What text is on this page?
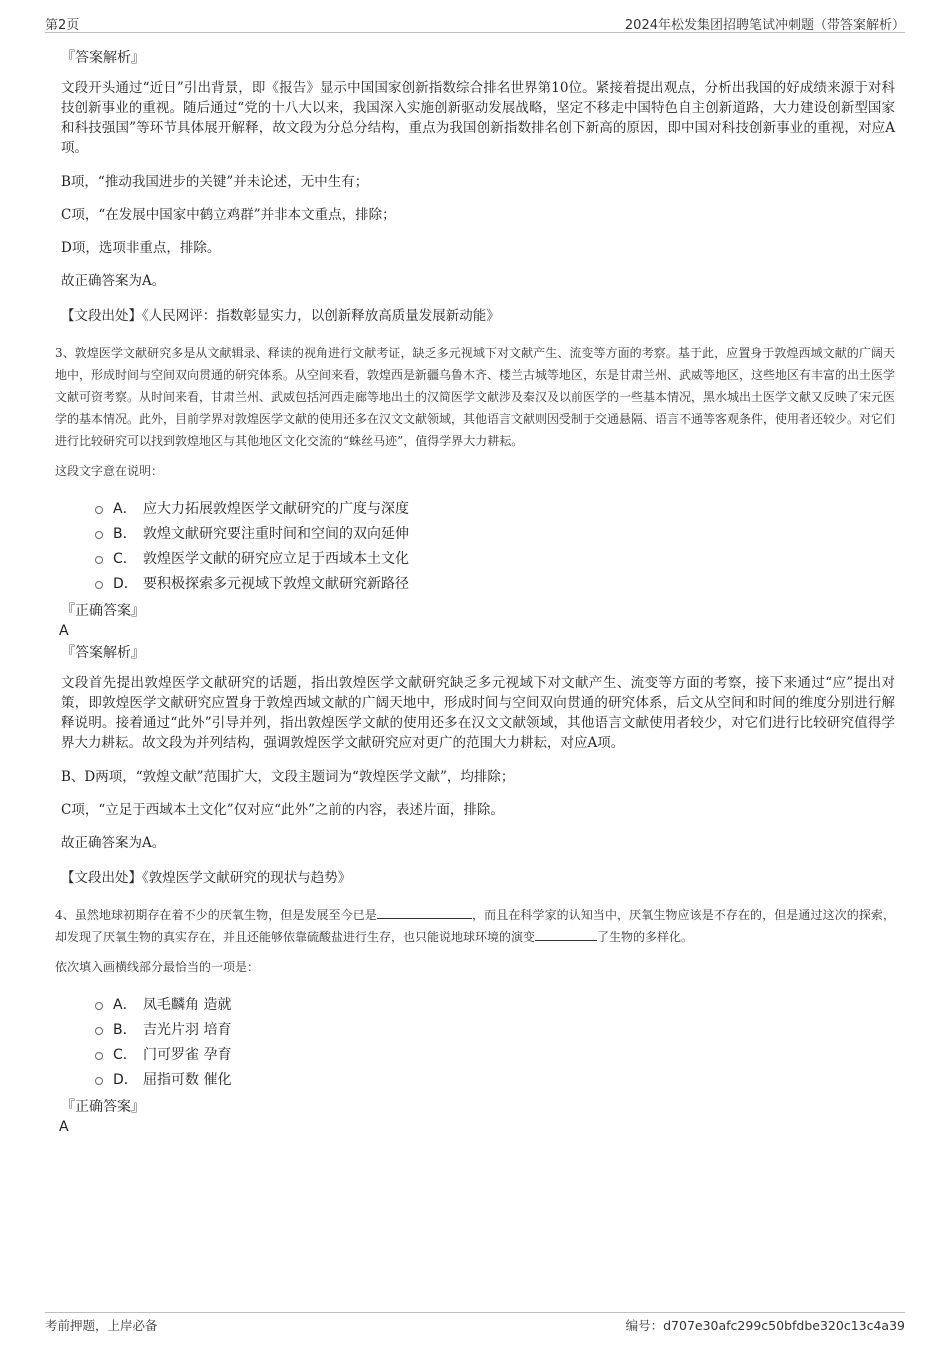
第2页	2024年松发集团招聘笔试冲刺题（带答案解析）
『答案解析』
文段开头通过“近日”引出背景，即《报告》显示中国国家创新指数综合排名世界第10位。紧接着提出观点，分析出我国的好成绩来源于对科技创新事业的重视。随后通过“党的十八大以来，我国深入实施创新驱动发展战略，坚定不移走中国特色自主创新道路，大力建设创新型国家和科技强国”等环节具体展开解释，故文段为分总分结构，重点为我国创新指数排名创下新高的原因，即中国对科技创新事业的重视，对应A项。
B项，“推动我国进步的关键”并未论述，无中生有；
C项，“在发展中国家中鹤立鸡群”并非本文重点，排除；
D项，选项非重点，排除。
故正确答案为A。
【文段出处】《人民网评：指数彰显实力，以创新释放高质量发展新动能》
3、敦煌医学文献研究多是从文献辑录、释读的视角进行文献考证，缺乏多元视域下对文献产生、流变等方面的考察。基于此，应置身于敦煌西域文献的广阔天地中，形成时间与空间双向贯通的研究体系。从空间来看，敦煌西是新疆乌鲁木齐、楼兰古城等地区，东是甘肃兰州、武威等地区，这些地区有丰富的出土医学文献可资考察。从时间来看，甘肃兰州、武威包括河西走廊等地出土的汉简医学文献涉及秦汉及以前医学的一些基本情况，黑水城出土医学文献又反映了宋元医学的基本情况。此外，目前学界对敦煌医学文献的使用还多在汉文文献领域，其他语言文献则因受制于交通悬隔、语言不通等客观条件，使用者还较少。对它们进行比较研究可以找到敦煌地区与其他地区文化交流的“蛛丝马迹”，值得学界大力耕耘。
这段文字意在说明：
A． 应大力拓展敦煌医学文献研究的广度与深度
B． 敦煌文献研究要注重时间和空间的双向延伸
C． 敦煌医学文献的研究应立足于西域本土文化
D． 要积极探索多元视域下敦煌文献研究新路径
『正确答案』
A
『答案解析』
文段首先提出敦煌医学文献研究的话题，指出敦煌医学文献研究缺乏多元视域下对文献产生、流变等方面的考察，接下来通过“应”提出对策，即敦煌医学文献研究应置身于敦煌西域文献的广阔天地中，形成时间与空间双向贯通的研究体系，后文从空间和时间的维度分别进行解释说明。接着通过“此外”引导并列，指出敦煌医学文献的使用还多在汉文文献领域，其他语言文献使用者较少，对它们进行比较研究值得学界大力耕耘。故文段为并列结构，强调敦煌医学文献研究应对更广的范围大力耕耘，对应A项。
B、D两项，“敦煌文献”范围扩大，文段主题词为“敦煌医学文献”，均排除；
C项，“立足于西域本土文化”仅对应“此外”之前的内容，表述片面，排除。
故正确答案为A。
【文段出处】《敦煌医学文献研究的现状与趋势》
4、虽然地球初期存在着不少的厌氧生物，但是发展至今已是	，而且在科学家的认知当中，厌氧生物应该是不存在的，但是通过这次的探索，却发现了厌氧生物的真实存在，并且还能够依靠硫酸盐进行生存，也只能说地球环境的演变	了生物的多样化。
依次填入画横线部分最恰当的一项是：
A． 凤毛麟角 造就
B． 吉光片羽 培育
C． 门可罗雀 孕育
D． 屈指可数 催化
『正确答案』
A
考前押题，上岸必备	编号：d707e30afc299c50bfdbe320c13c4a39
